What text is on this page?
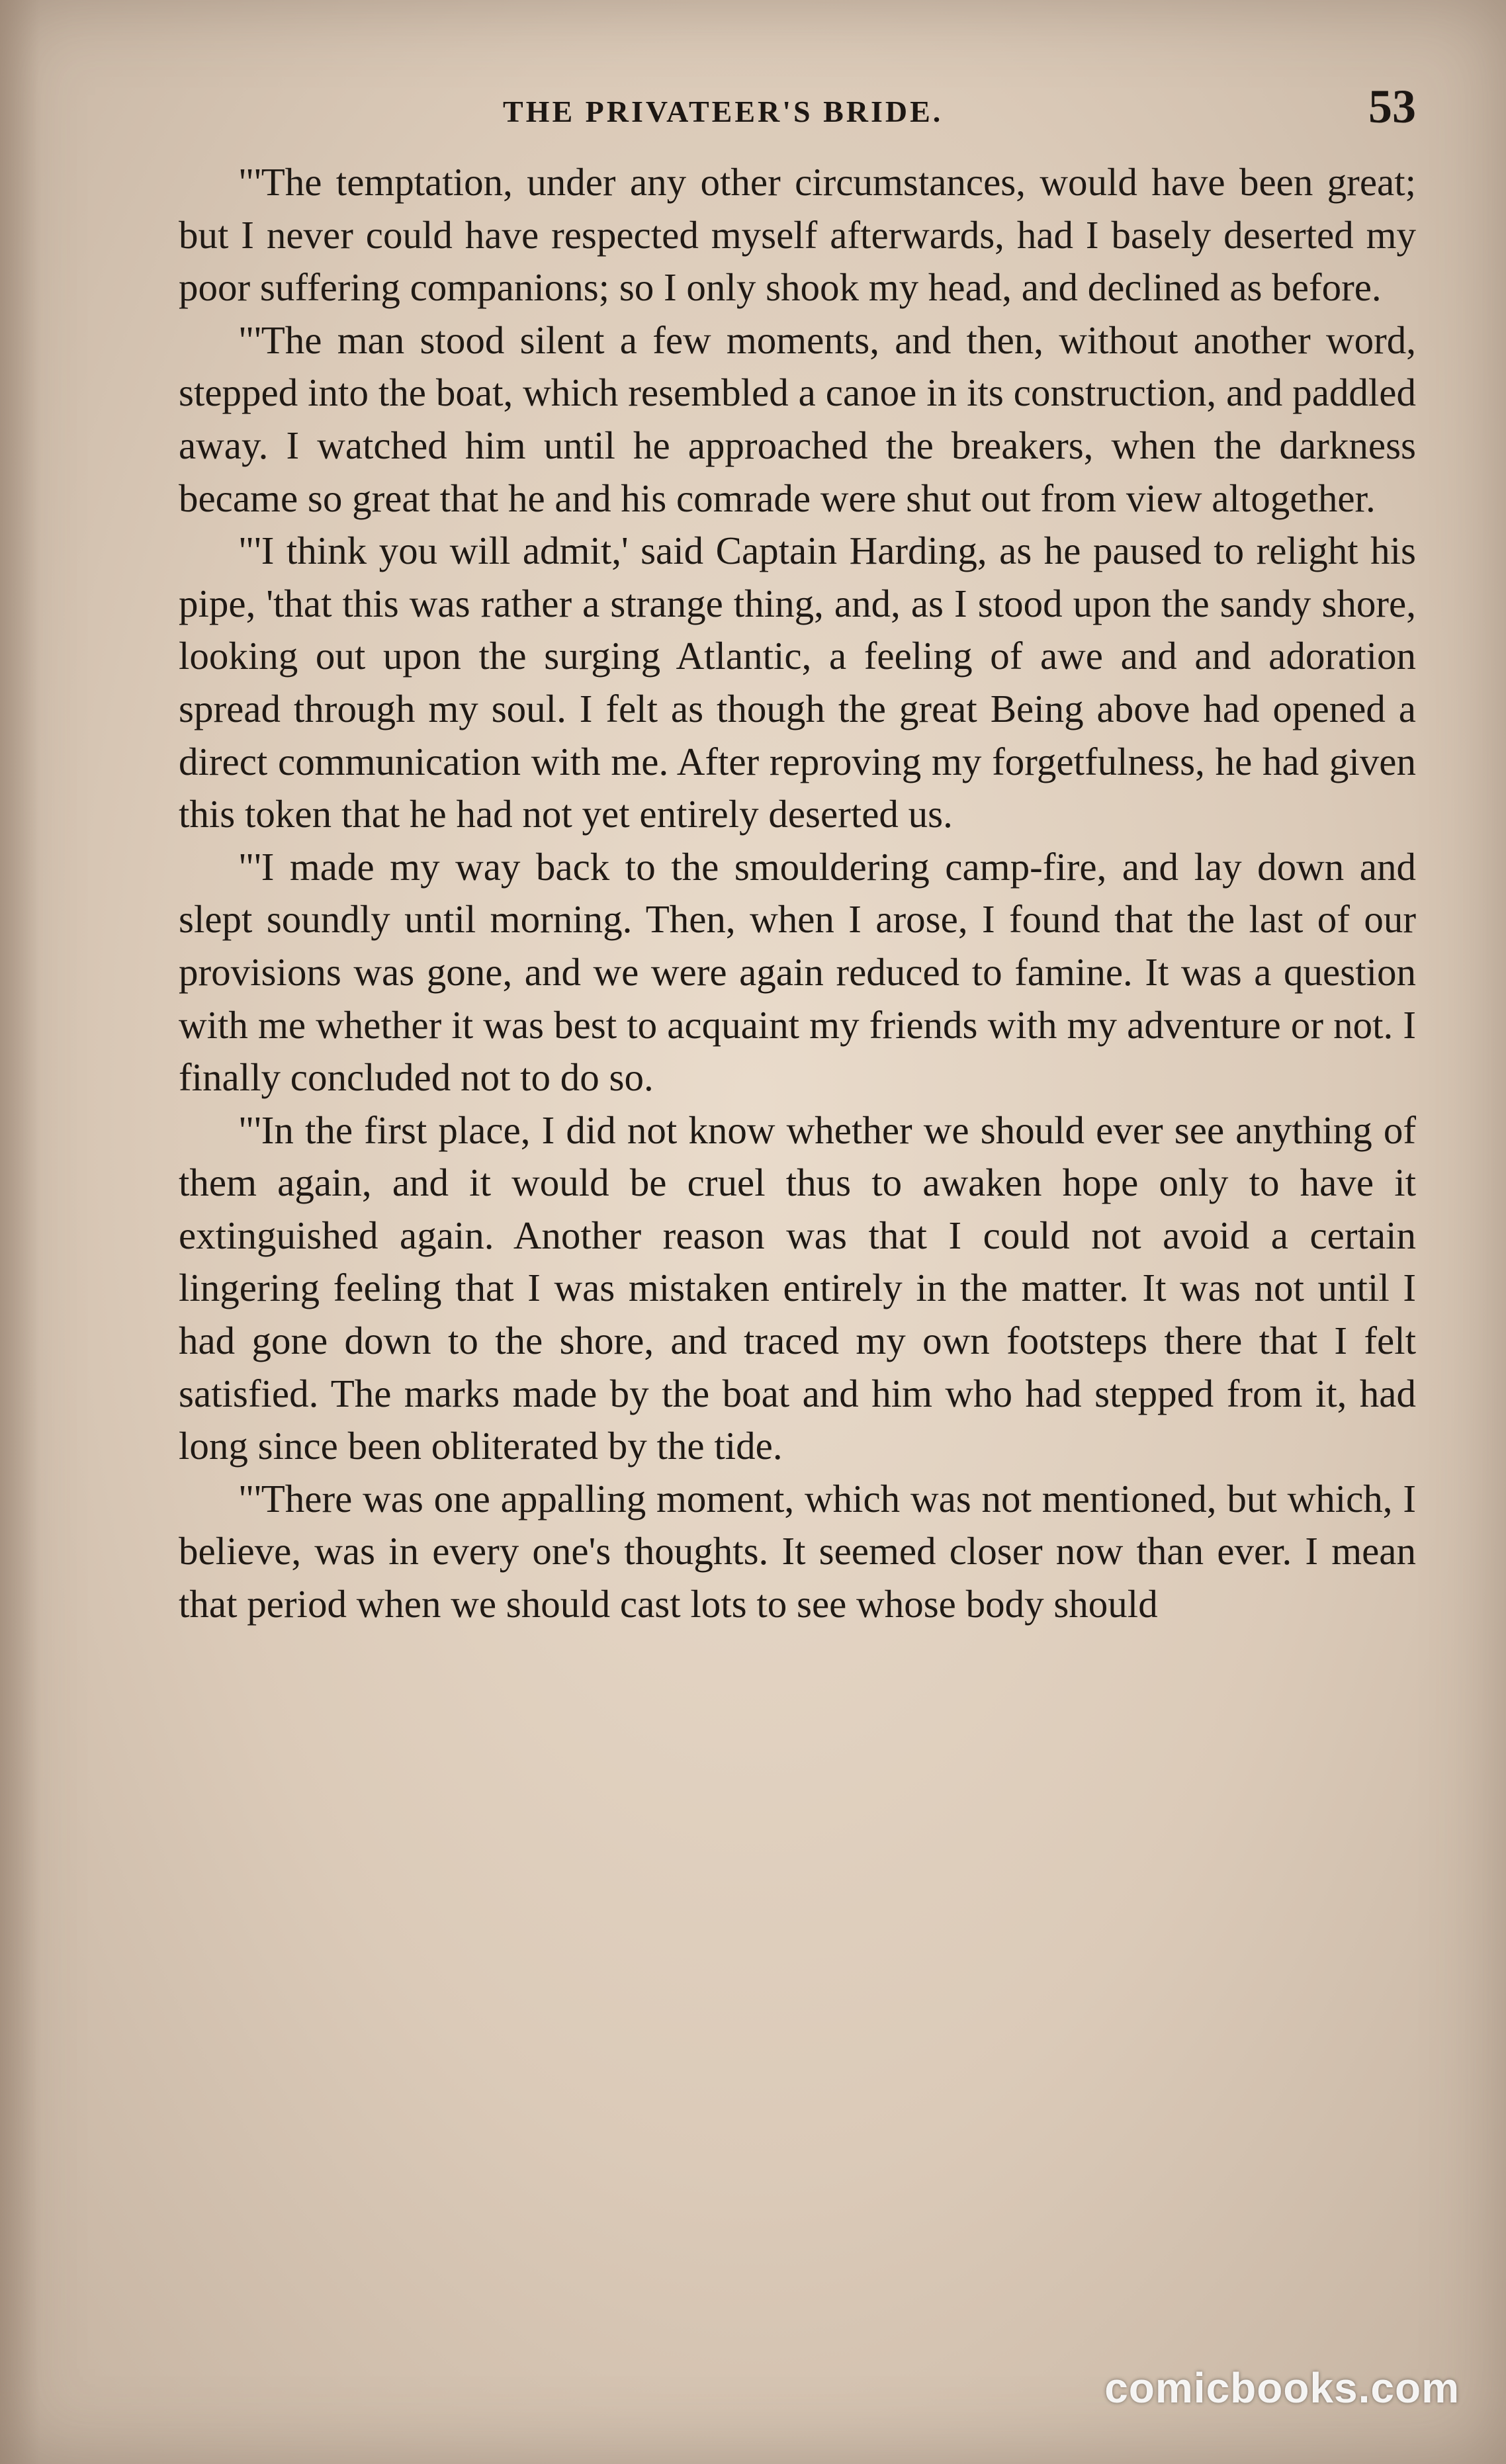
THE PRIVATEER'S BRIDE.	53

"'The temptation, under any other circumstances, would have been great; but I never could have respected myself afterwards, had I basely deserted my poor suffering companions; so I only shook my head, and declined as before.

"'The man stood silent a few moments, and then, without another word, stepped into the boat, which resembled a canoe in its construction, and paddled away. I watched him until he approached the breakers, when the darkness became so great that he and his comrade were shut out from view altogether.

"'I think you will admit,' said Captain Harding, as he paused to relight his pipe, 'that this was rather a strange thing, and, as I stood upon the sandy shore, looking out upon the surging Atlantic, a feeling of awe and and adoration spread through my soul. I felt as though the great Being above had opened a direct communication with me. After reproving my forgetfulness, he had given this token that he had not yet entirely deserted us.

"'I made my way back to the smouldering camp-fire, and lay down and slept soundly until morning. Then, when I arose, I found that the last of our provisions was gone, and we were again reduced to famine. It was a question with me whether it was best to acquaint my friends with my adventure or not. I finally concluded not to do so.

"'In the first place, I did not know whether we should ever see anything of them again, and it would be cruel thus to awaken hope only to have it extinguished again. Another reason was that I could not avoid a certain lingering feeling that I was mistaken entirely in the matter. It was not until I had gone down to the shore, and traced my own footsteps there that I felt satisfied. The marks made by the boat and him who had stepped from it, had long since been obliterated by the tide.

"'There was one appalling moment, which was not mentioned, but which, I believe, was in every one's thoughts. It seemed closer now than ever. I mean that period when we should cast lots to see whose body should

comicbooks.com
